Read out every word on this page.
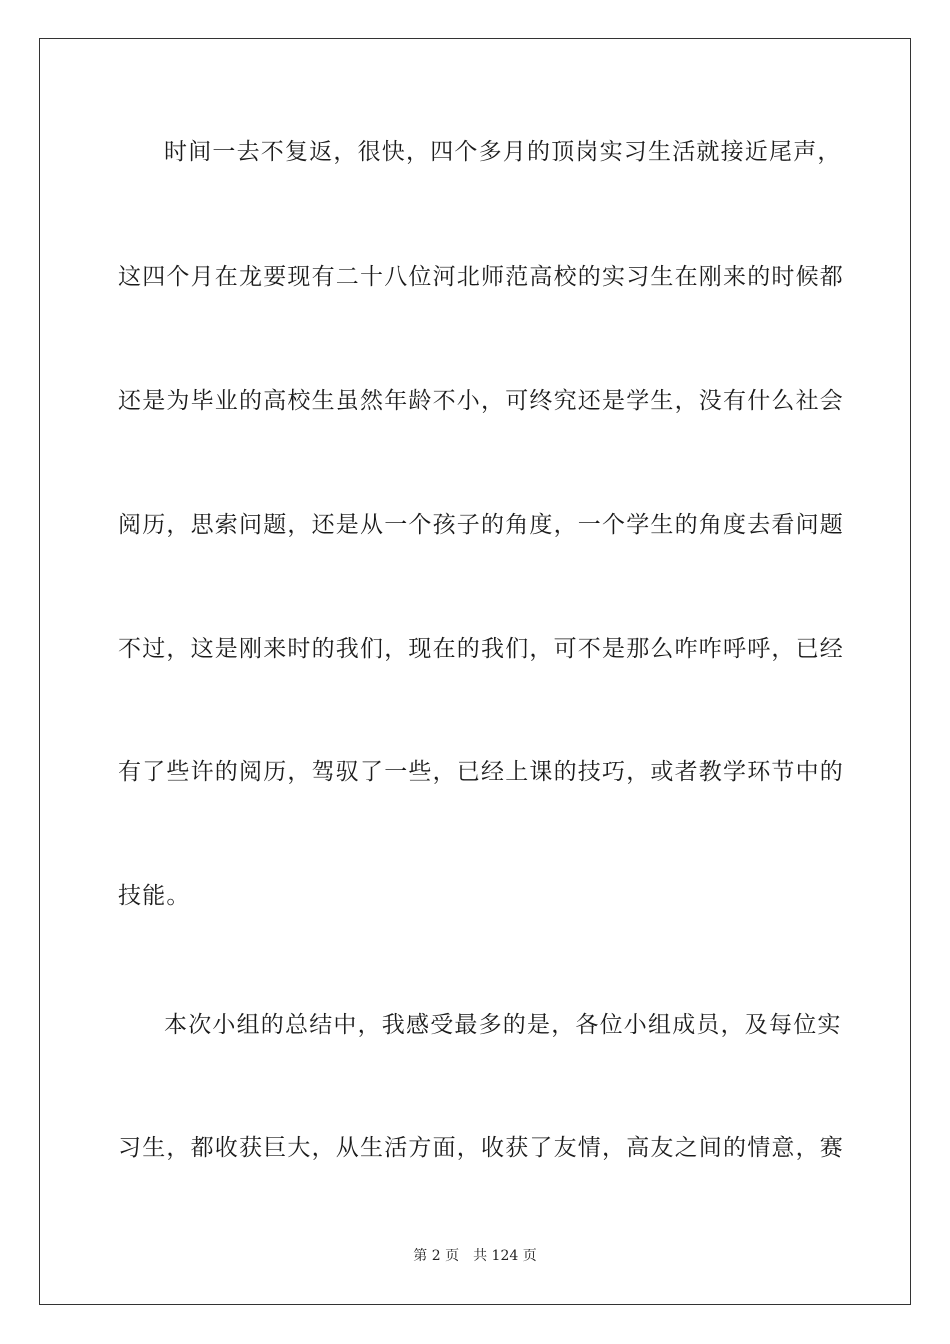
时间一去不复返，很快，四个多月的顶岗实习生活就接近尾声，
这四个月在龙要现有二十八位河北师范高校的实习生在刚来的时候都
还是为毕业的高校生虽然年龄不小，可终究还是学生，没有什么社会
阅历，思索问题，还是从一个孩子的角度，一个学生的角度去看问题
不过，这是刚来时的我们，现在的我们，可不是那么咋咋呼呼，已经
有了些许的阅历，驾驭了一些，已经上课的技巧，或者教学环节中的
技能。
本次小组的总结中，我感受最多的是，各位小组成员，及每位实
习生，都收获巨大，从生活方面，收获了友情，高友之间的情意，赛
第 2 页 共 124 页
